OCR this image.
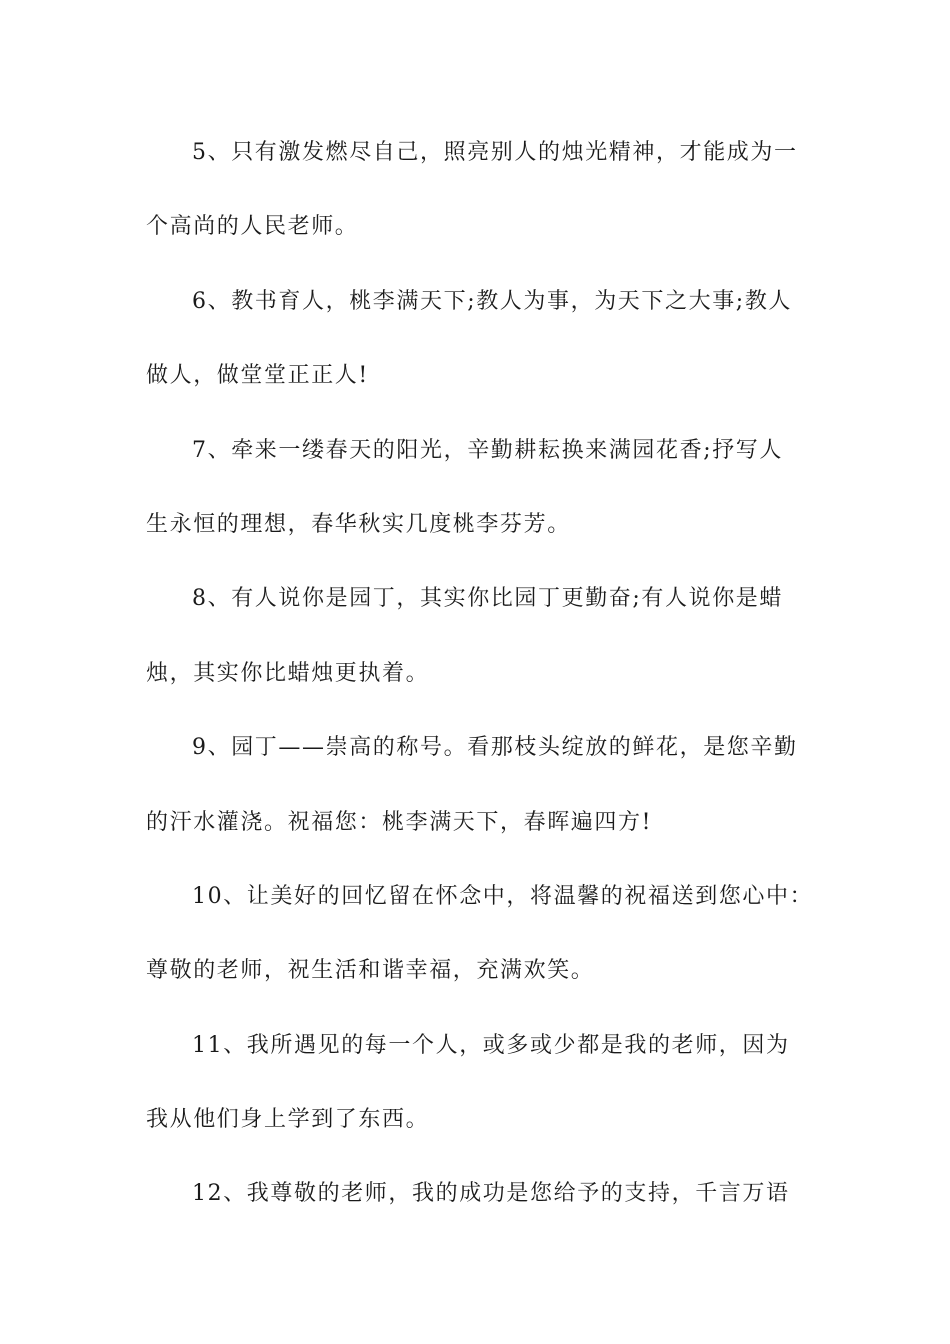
5、只有激发燃尽自己，照亮别人的烛光精神，才能成为一
个高尚的人民老师。
6、教书育人，桃李满天下;教人为事，为天下之大事;教人
做人，做堂堂正正人!
7、牵来一缕春天的阳光，辛勤耕耘换来满园花香;抒写人
生永恒的理想，春华秋实几度桃李芬芳。
8、有人说你是园丁，其实你比园丁更勤奋;有人说你是蜡
烛，其实你比蜡烛更执着。
9、园丁——崇高的称号。看那枝头绽放的鲜花，是您辛勤
的汗水灌浇。祝福您：桃李满天下，春晖遍四方!
10、让美好的回忆留在怀念中，将温馨的祝福送到您心中：
尊敬的老师，祝生活和谐幸福，充满欢笑。
11、我所遇见的每一个人，或多或少都是我的老师，因为
我从他们身上学到了东西。
12、我尊敬的老师，我的成功是您给予的支持，千言万语
